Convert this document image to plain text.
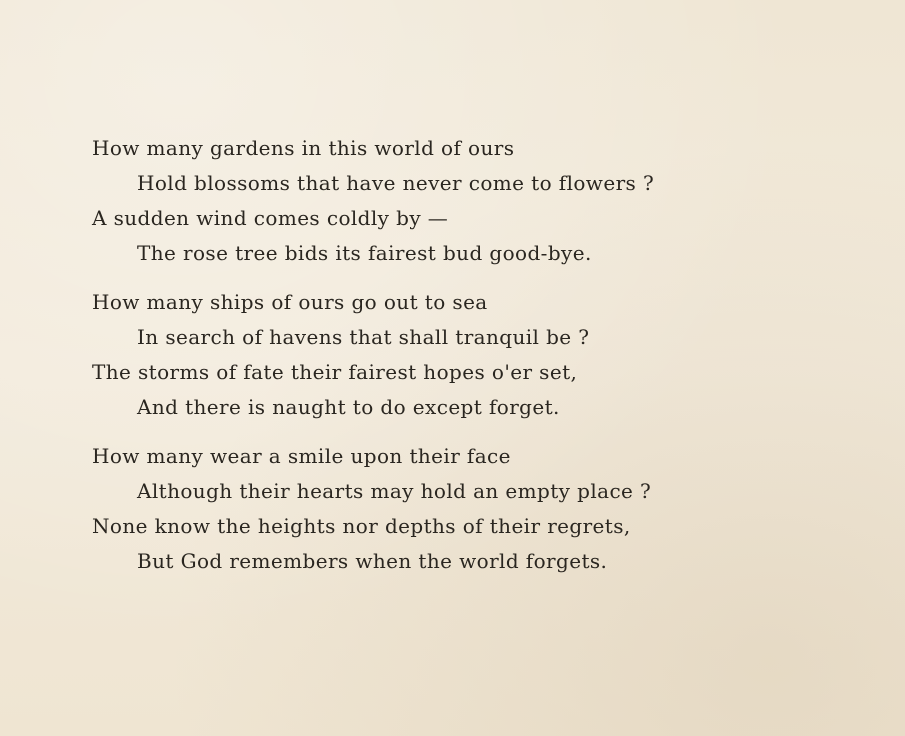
How many gardens in this world of ours
Hold blossoms that have never come to flowers ?
A sudden wind comes coldly by —
The rose tree bids its fairest bud good-bye.
How many ships of ours go out to sea
In search of havens that shall tranquil be ?
The storms of fate their fairest hopes o'er set,
And there is naught to do except forget.
How many wear a smile upon their face
Although their hearts may hold an empty place ?
None know the heights nor depths of their regrets,
But God remembers when the world forgets.
